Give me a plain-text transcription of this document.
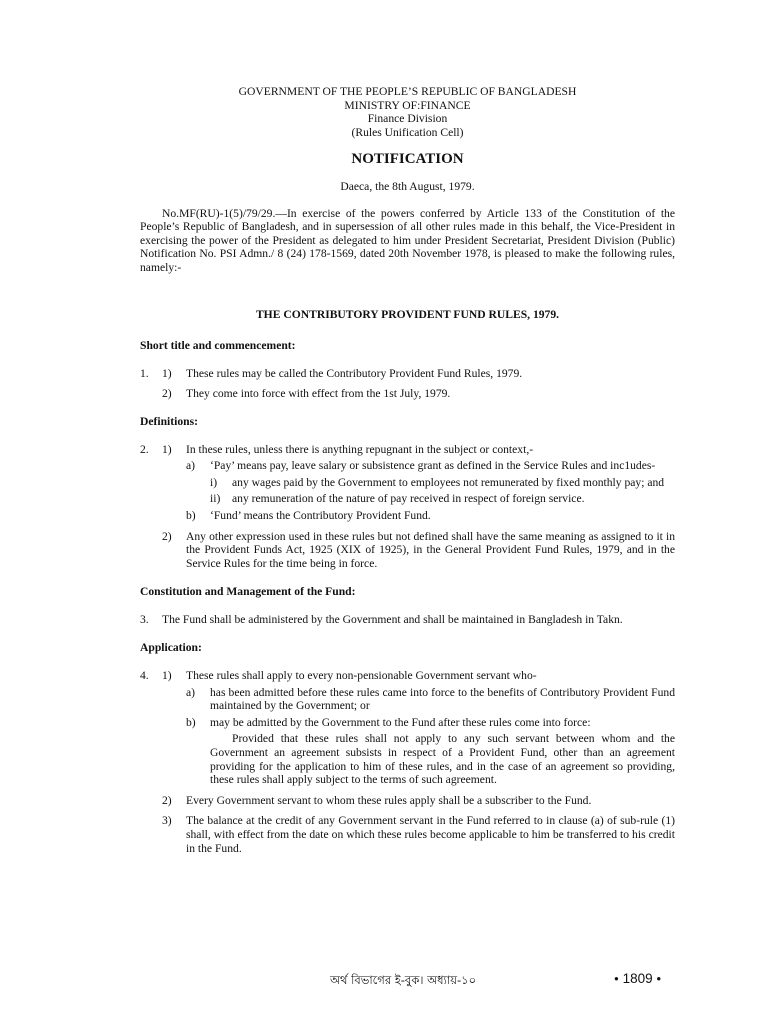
GOVERNMENT OF THE PEOPLE’S REPUBLIC OF BANGLADESH
MINISTRY OF:FINANCE
Finance Division
(Rules Unification Cell)
NOTIFICATION
Daeca, the 8th August, 1979.
No.MF(RU)-1(5)/79/29.—In exercise of the powers conferred by Article 133 of the Constitution of the People’s Republic of Bangladesh, and in supersession of all other rules made in this behalf, the Vice-President in exercising the power of the President as delegated to him under President Secretariat, President Division (Public) Notification No. PSI Admn./ 8 (24) 178-1569, dated 20th November 1978, is pleased to make the following rules, namely:-
THE CONTRIBUTORY PROVIDENT FUND RULES, 1979.
Short title and commencement:
1.	1)	These rules may be called the Contributory Provident Fund Rules, 1979.
2)	They come into force with effect from the 1st July, 1979.
Definitions:
2.	1)	In these rules, unless there is anything repugnant in the subject or context,-
a)	‘Pay’ means pay, leave salary or subsistence grant as defined in the Service Rules and inc1udes-
i)	any wages paid by the Government to employees not remunerated by fixed monthly pay; and
ii)	any remuneration of the nature of pay received in respect of foreign service.
b)	‘Fund’ means the Contributory Provident Fund.
2)	Any other expression used in these rules but not defined shall have the same meaning as assigned to it in the Provident Funds Act, 1925 (XIX of 1925), in the General Provident Fund Rules, 1979, and in the Service Rules for the time being in force.
Constitution and Management of the Fund:
3.	The Fund shall be administered by the Government and shall be maintained in Bangladesh in Takn.
Application:
4.	1)	These rules shall apply to every non-pensionable Government servant who-
a)	has been admitted before these rules came into force to the benefits of Contributory Provident Fund maintained by the Government; or
b)	may be admitted by the Government to the Fund after these rules come into force:
Provided that these rules shall not apply to any such servant between whom and the Government an agreement subsists in respect of a Provident Fund, other than an agreement providing for the application to him of these rules, and in the case of an agreement so providing, these rules shall apply subject to the terms of such agreement.
2)	Every Government servant to whom these rules apply shall be a subscriber to the Fund.
3)	The balance at the credit of any Government servant in the Fund referred to in clause (a) of sub-rule (1) shall, with effect from the date on which these rules become applicable to him be transferred to his credit in the Fund.
অর্থ বিভাগের ই-বুক। অধ্যায়-১০	● 1809 ●
